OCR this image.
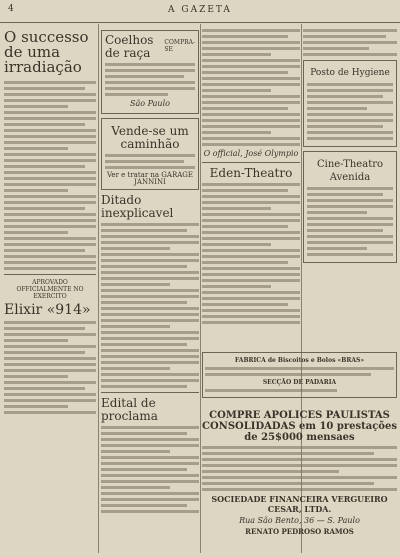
4	A GAZETA
O successo de uma irradiação
APROVADO OFFICIALMENTE NO EXERCITO
Elixir «914»
Coelhos de raça
COMPRA-SE
São Paulo
Vende-se um caminhão
Ver e tratar na GARAGE JANNINI
Ditado inexplicavel
Edital de proclama
O official, José Olympio
Eden-Theatro
Posto de Hygiene
Cine-Theatro Avenida
FABRICA de Biscoitos e Bolos «BRAS»
SECÇÃO DE PADARIA
COMPRE APOLICES PAULISTAS CONSOLIDADAS em 10 prestações de 25$000 mensaes
SOCIEDADE FINANCEIRA VERGUEIRO CESAR, LTDA.
Rua São Bento, 36 — S. Paulo
RENATO PEDROSO RAMOS
